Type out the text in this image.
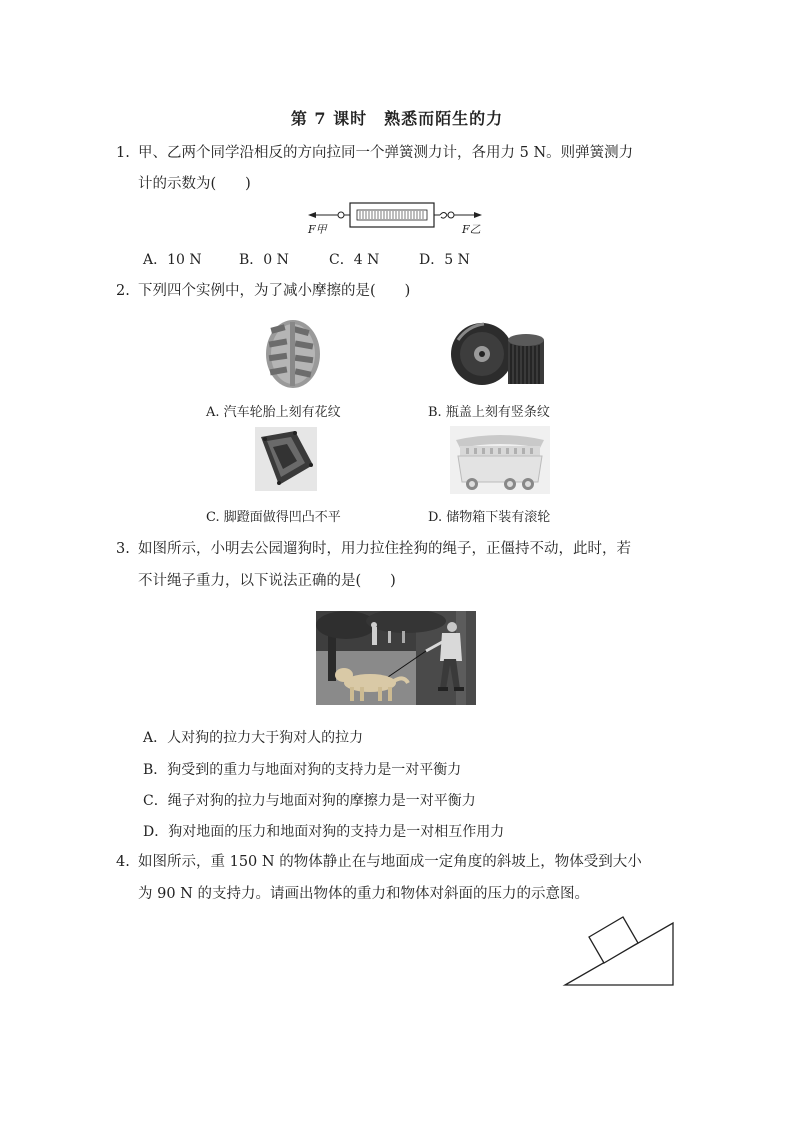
第 7 课时　熟悉而陌生的力
1. 甲、乙两个同学沿相反的方向拉同一个弹簧测力计，各用力 5 N。则弹簧测力
计的示数为(　　)
F甲	F乙
A．10 N	B．0 N	C．4 N	D．5 N
2. 下列四个实例中，为了减小摩擦的是(　　)
A. 汽车轮胎上刻有花纹	B. 瓶盖上刻有竖条纹
C. 脚蹬面做得凹凸不平	D. 储物箱下装有滚轮
3. 如图所示，小明去公园遛狗时，用力拉住拴狗的绳子，正僵持不动，此时，若
不计绳子重力，以下说法正确的是(　　)
A．人对狗的拉力大于狗对人的拉力
B．狗受到的重力与地面对狗的支持力是一对平衡力
C．绳子对狗的拉力与地面对狗的摩擦力是一对平衡力
D．狗对地面的压力和地面对狗的支持力是一对相互作用力
4. 如图所示，重 150 N 的物体静止在与地面成一定角度的斜坡上，物体受到大小
为 90 N 的支持力。请画出物体的重力和物体对斜面的压力的示意图。
